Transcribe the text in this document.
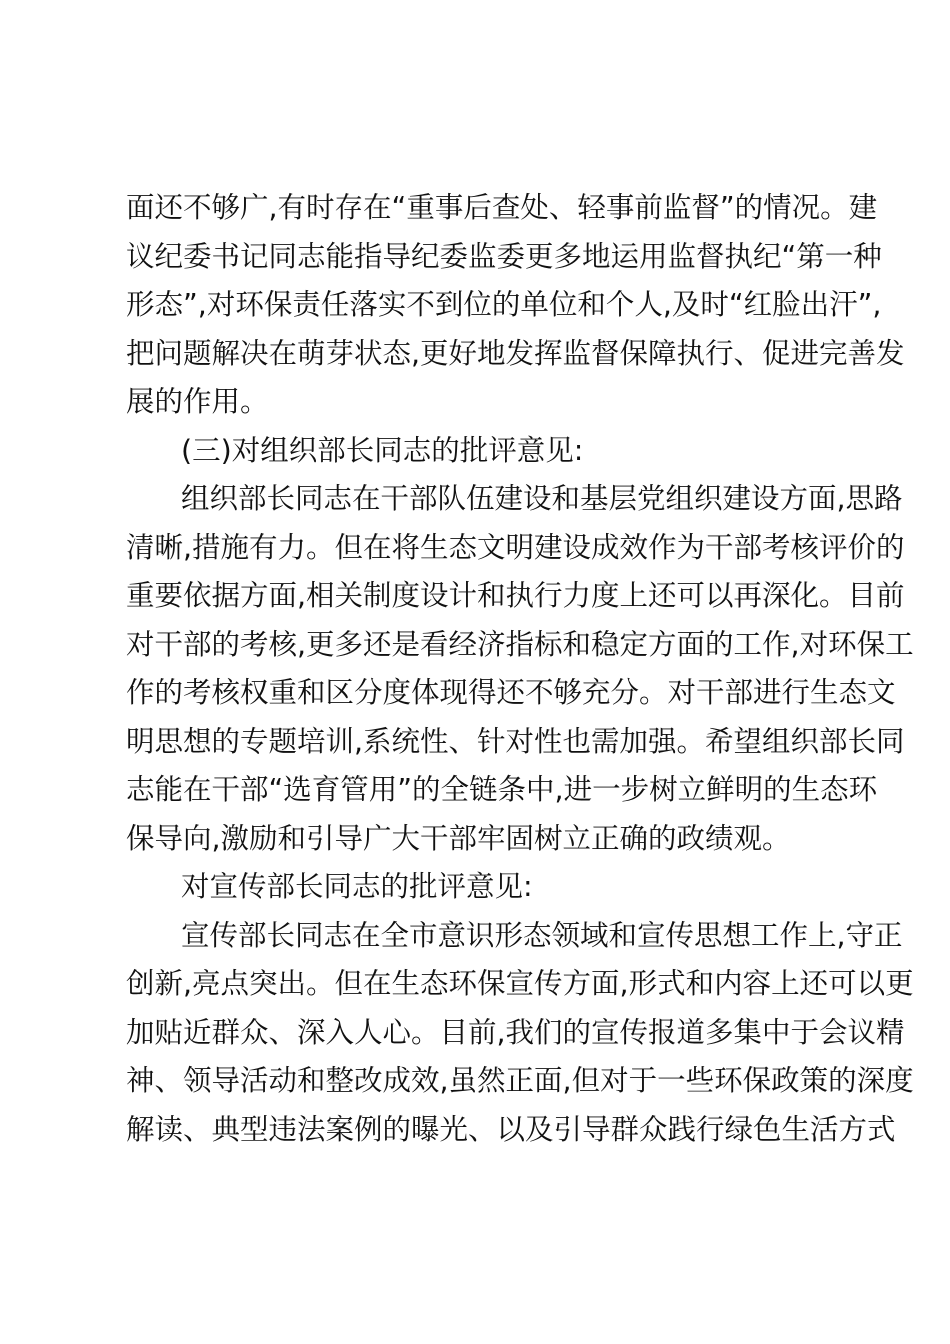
面还不够广,有时存在“重事后查处、轻事前监督”的情况。建
议纪委书记同志能指导纪委监委更多地运用监督执纪“第一种
形态”,对环保责任落实不到位的单位和个人,及时“红脸出汗”,
把问题解决在萌芽状态,更好地发挥监督保障执行、促进完善发
展的作用。
(三)对组织部长同志的批评意见:
组织部长同志在干部队伍建设和基层党组织建设方面,思路
清晰,措施有力。但在将生态文明建设成效作为干部考核评价的
重要依据方面,相关制度设计和执行力度上还可以再深化。目前
对干部的考核,更多还是看经济指标和稳定方面的工作,对环保工
作的考核权重和区分度体现得还不够充分。对干部进行生态文
明思想的专题培训,系统性、针对性也需加强。希望组织部长同
志能在干部“选育管用”的全链条中,进一步树立鲜明的生态环
保导向,激励和引导广大干部牢固树立正确的政绩观。
对宣传部长同志的批评意见:
宣传部长同志在全市意识形态领域和宣传思想工作上,守正
创新,亮点突出。但在生态环保宣传方面,形式和内容上还可以更
加贴近群众、深入人心。目前,我们的宣传报道多集中于会议精
神、领导活动和整改成效,虽然正面,但对于一些环保政策的深度
解读、典型违法案例的曝光、以及引导群众践行绿色生活方式
